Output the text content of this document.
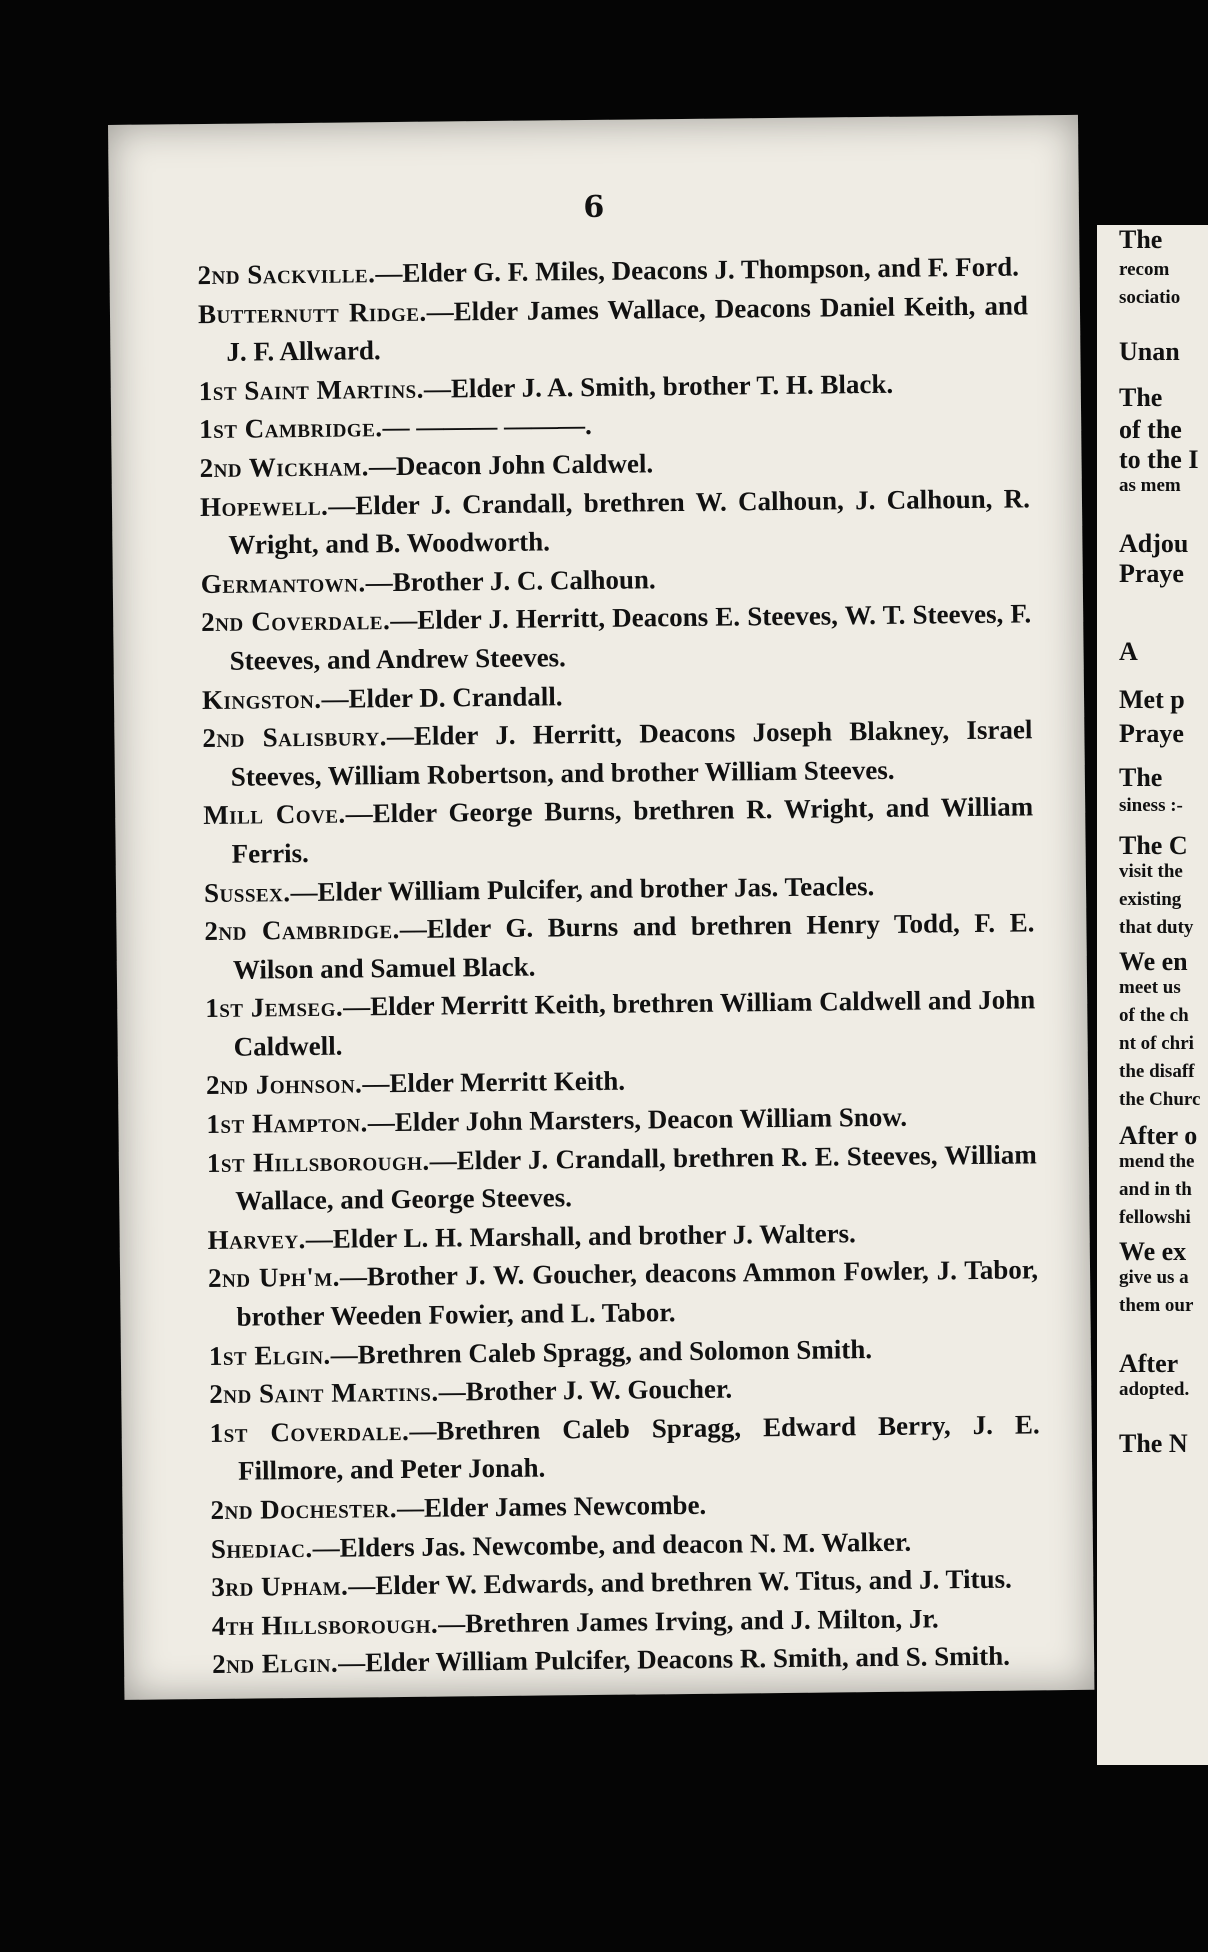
6

2nd Sackville.—Elder G. F. Miles, Deacons J. Thompson, and F. Ford.

Butternutt Ridge.—Elder James Wallace, Deacons Daniel Keith, and J. F. Allward.

1st Saint Martins.—Elder J. A. Smith, brother T. H. Black.

1st Cambridge.— ——— ———.

2nd Wickham.—Deacon John Caldwel.

Hopewell.—Elder J. Crandall, brethren W. Calhoun, J. Calhoun, R. Wright, and B. Woodworth.

Germantown.—Brother J. C. Calhoun.

2nd Coverdale.—Elder J. Herritt, Deacons E. Steeves, W. T. Steeves, F. Steeves, and Andrew Steeves.

Kingston.—Elder D. Crandall.

2nd Salisbury.—Elder J. Herritt, Deacons Joseph Blakney, Israel Steeves, William Robertson, and brother William Steeves.

Mill Cove.—Elder George Burns, brethren R. Wright, and William Ferris.

Sussex.—Elder William Pulcifer, and brother Jas. Teacles.

2nd Cambridge.—Elder G. Burns and brethren Henry Todd, F. E. Wilson and Samuel Black.

1st Jemseg.—Elder Merritt Keith, brethren William Caldwell and John Caldwell.

2nd Johnson.—Elder Merritt Keith.

1st Hampton.—Elder John Marsters, Deacon William Snow.

1st Hillsborough.—Elder J. Crandall, brethren R. E. Steeves, William Wallace, and George Steeves.

Harvey.—Elder L. H. Marshall, and brother J. Walters.

2nd Uph'm.—Brother J. W. Goucher, deacons Ammon Fowler, J. Tabor, brother Weeden Fowier, and L. Tabor.

1st Elgin.—Brethren Caleb Spragg, and Solomon Smith.

2nd Saint Martins.—Brother J. W. Goucher.

1st Coverdale.—Brethren Caleb Spragg, Edward Berry, J. E. Fillmore, and Peter Jonah.

2nd Dochester.—Elder James Newcombe.

Shediac.—Elders Jas. Newcombe, and deacon N. M. Walker.

3rd Upham.—Elder W. Edwards, and brethren W. Titus, and J. Titus.

4th Hillsborough.—Brethren James Irving, and J. Milton, Jr.

2nd Elgin.—Elder William Pulcifer, Deacons R. Smith, and S. Smith.

The
recom
sociatio
Unan
The
of the
to the I
as mem
Adjou
Praye
A
Met p
Praye
The
siness :-
The C
visit the
existing
that duty
We en
meet us
of the ch
nt of chri
the disaff
the Churc
After o
mend the
and in th
fellowshi
We ex
give us a
them our
After
adopted.
The N
